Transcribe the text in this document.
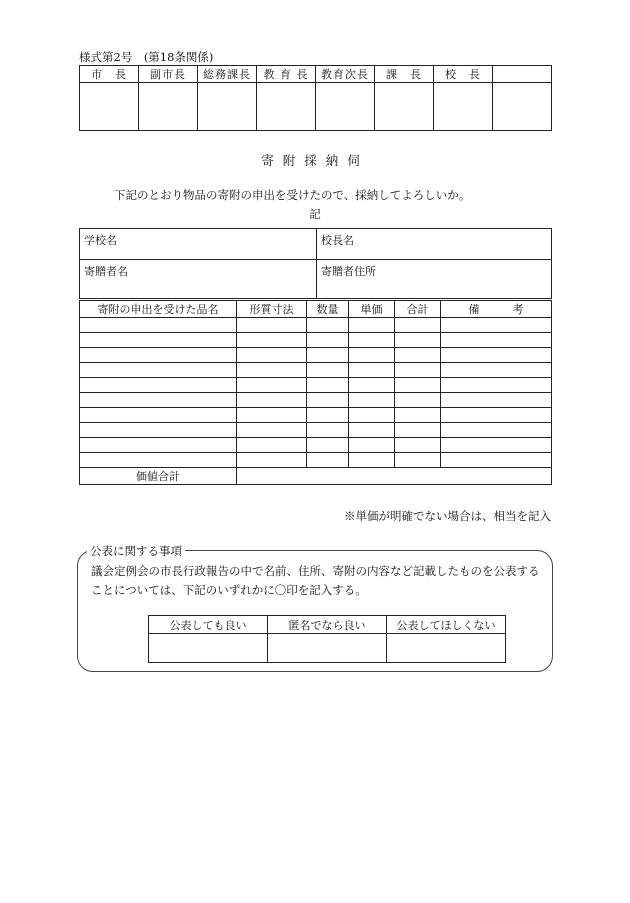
様式第2号　(第18条関係)
市　長	副市長	総務課長	教 育 長	教育次長	課　長	校　長	

寄附採納伺
下記のとおり物品の寄附の申出を受けたので、採納してよろしいか。
記
学校名	校長名
寄贈者名	寄贈者住所
寄附の申出を受けた品名	形質寸法	数量	単価	合計	備　　　考

価値合計					
※単価が明確でない場合は、相当を記入
公表に関する事項
議会定例会の市長行政報告の中で名前、住所、寄附の内容など記載したものを公表する
ことについては、下記のいずれかに〇印を記入する。
公表しても良い	匿名でなら良い	公表してほしくない
